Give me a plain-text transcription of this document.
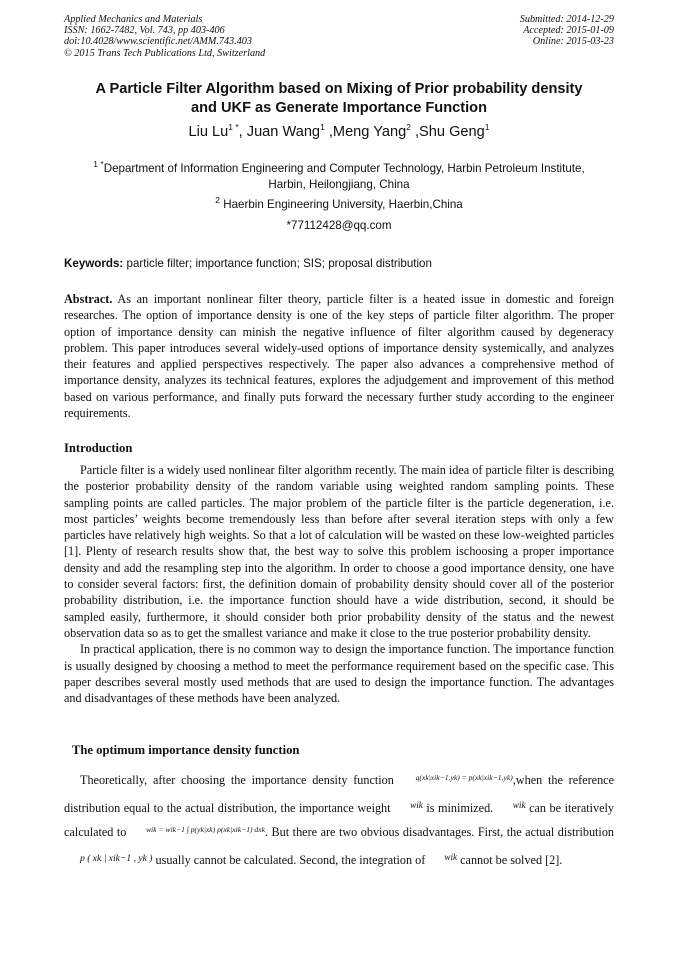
Applied Mechanics and Materials
ISSN: 1662-7482, Vol. 743, pp 403-406
doi:10.4028/www.scientific.net/AMM.743.403
© 2015 Trans Tech Publications Ltd, Switzerland
Submitted: 2014-12-29
Accepted: 2015-01-09
Online: 2015-03-23
A Particle Filter Algorithm based on Mixing of Prior probability density
and UKF as Generate Importance Function
Liu $Lu^{1 *}$, Juan Wang$^1$ ,Meng Yang$^2$ ,Shu Geng$^1$
$^{1 *}$Department of Information Engineering and Computer Technology, Harbin Petroleum Institute,
Harbin, Heilongjiang, China
$^2$ Haerbin Engineering University, Haerbin,China
*77112428@qq.com
Keywords: particle filter; importance function; SIS; proposal distribution
Abstract. As an important nonlinear filter theory, particle filter is a heated issue in domestic and foreign researches. The option of importance density is one of the key steps of particle filter algorithm. The proper option of importance density can minish the negative influence of filter algorithm caused by degeneracy problem. This paper introduces several widely-used options of importance density systemically, and analyzes their features and applied perspectives respectively. The paper also advances a comprehensive method of importance density, analyzes its technical features, explores the adjudgement and improvement of this method based on various performance, and finally puts forward the necessary further study according to the engineer requirements.
Introduction

Particle filter is a widely used nonlinear filter algorithm recently. The main idea of particle filter is describing the posterior probability density of the random variable using weighted random sampling points. These sampling points are called particles. The major problem of the particle filter is the particle degeneration, i.e. most particles’ weights become tremendously less than before after several iteration steps with only a few particles have relatively high weights. So that a lot of calculation will be wasted on these low-weighted particles [1]. Plenty of research results show that, the best way to solve this problem ischoosing a proper importance density and add the resampling step into the algorithm. In order to choose a good importance density, one have to consider several factors: first, the definition domain of probability density should cover all of the posterior probability distribution, i.e. the importance function should have a wide distribution, second, it should be sampled easily, furthermore, it should consider both prior probability density of the status and the newest observation data so as to get the smallest variance and make it close to the true posterior probability density.

In practical application, there is no common way to design the importance function. The importance function is usually designed by choosing a method to meet the performance requirement based on the specific case. This paper describes several mostly used methods that are used to design the importance function. The advantages and disadvantages of these methods have been analyzed.

The optimum importance density function

Theoretically, after choosing the importance density function q(xk|xik−1,yk) = p(xk|xik−1,yk),when the reference distribution equal to the actual distribution, the importance weight wik is minimized. wik can be iteratively calculated to wik = wik−1 ∫ p(yk|xk) p(xk|xik−1) dxk. But there are two obvious disadvantages. First, the actual distribution p ( xk | xik−1 , yk ) usually cannot be calculated. Second, the integration of wik cannot be solved [2].
